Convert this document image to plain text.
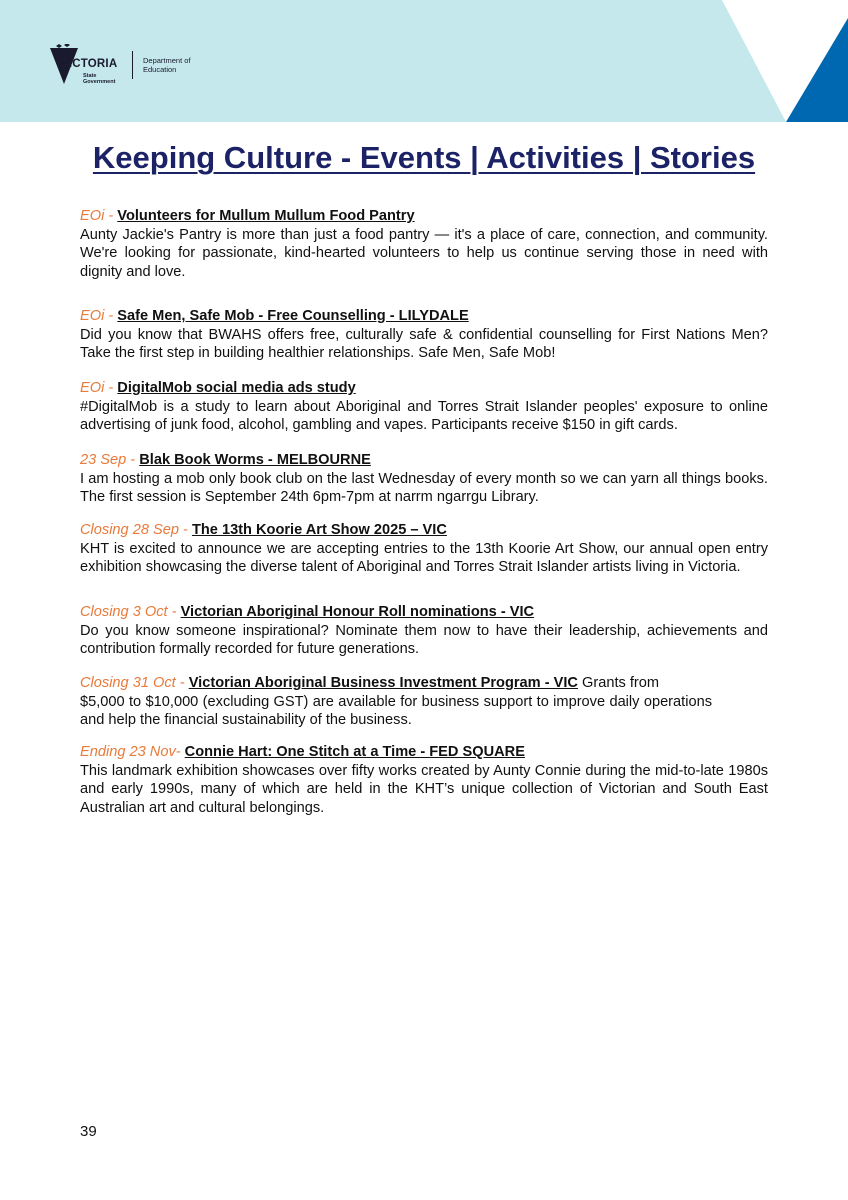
VICTORIA
State Government
Department of Education
Keeping Culture - Events | Activities | Stories

EOi - Volunteers for Mullum Mullum Food Pantry

Aunty Jackie's Pantry is more than just a food pantry — it's a place of care, connection, and community. We're looking for passionate, kind-hearted volunteers to help us continue serving those in need with dignity and love.

EOi - Safe Men, Safe Mob - Free Counselling - LILYDALE

Did you know that BWAHS offers free, culturally safe & confidential counselling for First Nations Men? Take the first step in building healthier relationships. Safe Men, Safe Mob!

EOi - DigitalMob social media ads study

#DigitalMob is a study to learn about Aboriginal and Torres Strait Islander peoples' exposure to online advertising of junk food, alcohol, gambling and vapes. Participants receive $150 in gift cards.

23 Sep - Blak Book Worms - MELBOURNE

I am hosting a mob only book club on the last Wednesday of every month so we can yarn all things books. The first session is September 24th 6pm-7pm at narrm ngarrgu Library.

Closing 28 Sep - The 13th Koorie Art Show 2025 – VIC

KHT is excited to announce we are accepting entries to the 13th Koorie Art Show, our annual open entry exhibition showcasing the diverse talent of Aboriginal and Torres Strait Islander artists living in Victoria.

Closing 3 Oct - Victorian Aboriginal Honour Roll nominations - VIC

Do you know someone inspirational? Nominate them now to have their leadership, achievements and contribution formally recorded for future generations.

Closing 31 Oct - Victorian Aboriginal Business Investment Program - VIC Grants from

$5,000 to $10,000 (excluding GST) are available for business support to improve daily operations and help the financial sustainability of the business.

Ending 23 Nov- Connie Hart: One Stitch at a Time - FED SQUARE

This landmark exhibition showcases over fifty works created by Aunty Connie during the mid-to-late 1980s and early 1990s, many of which are held in the KHT’s unique collection of Victorian and South East Australian art and cultural belongings.

39
